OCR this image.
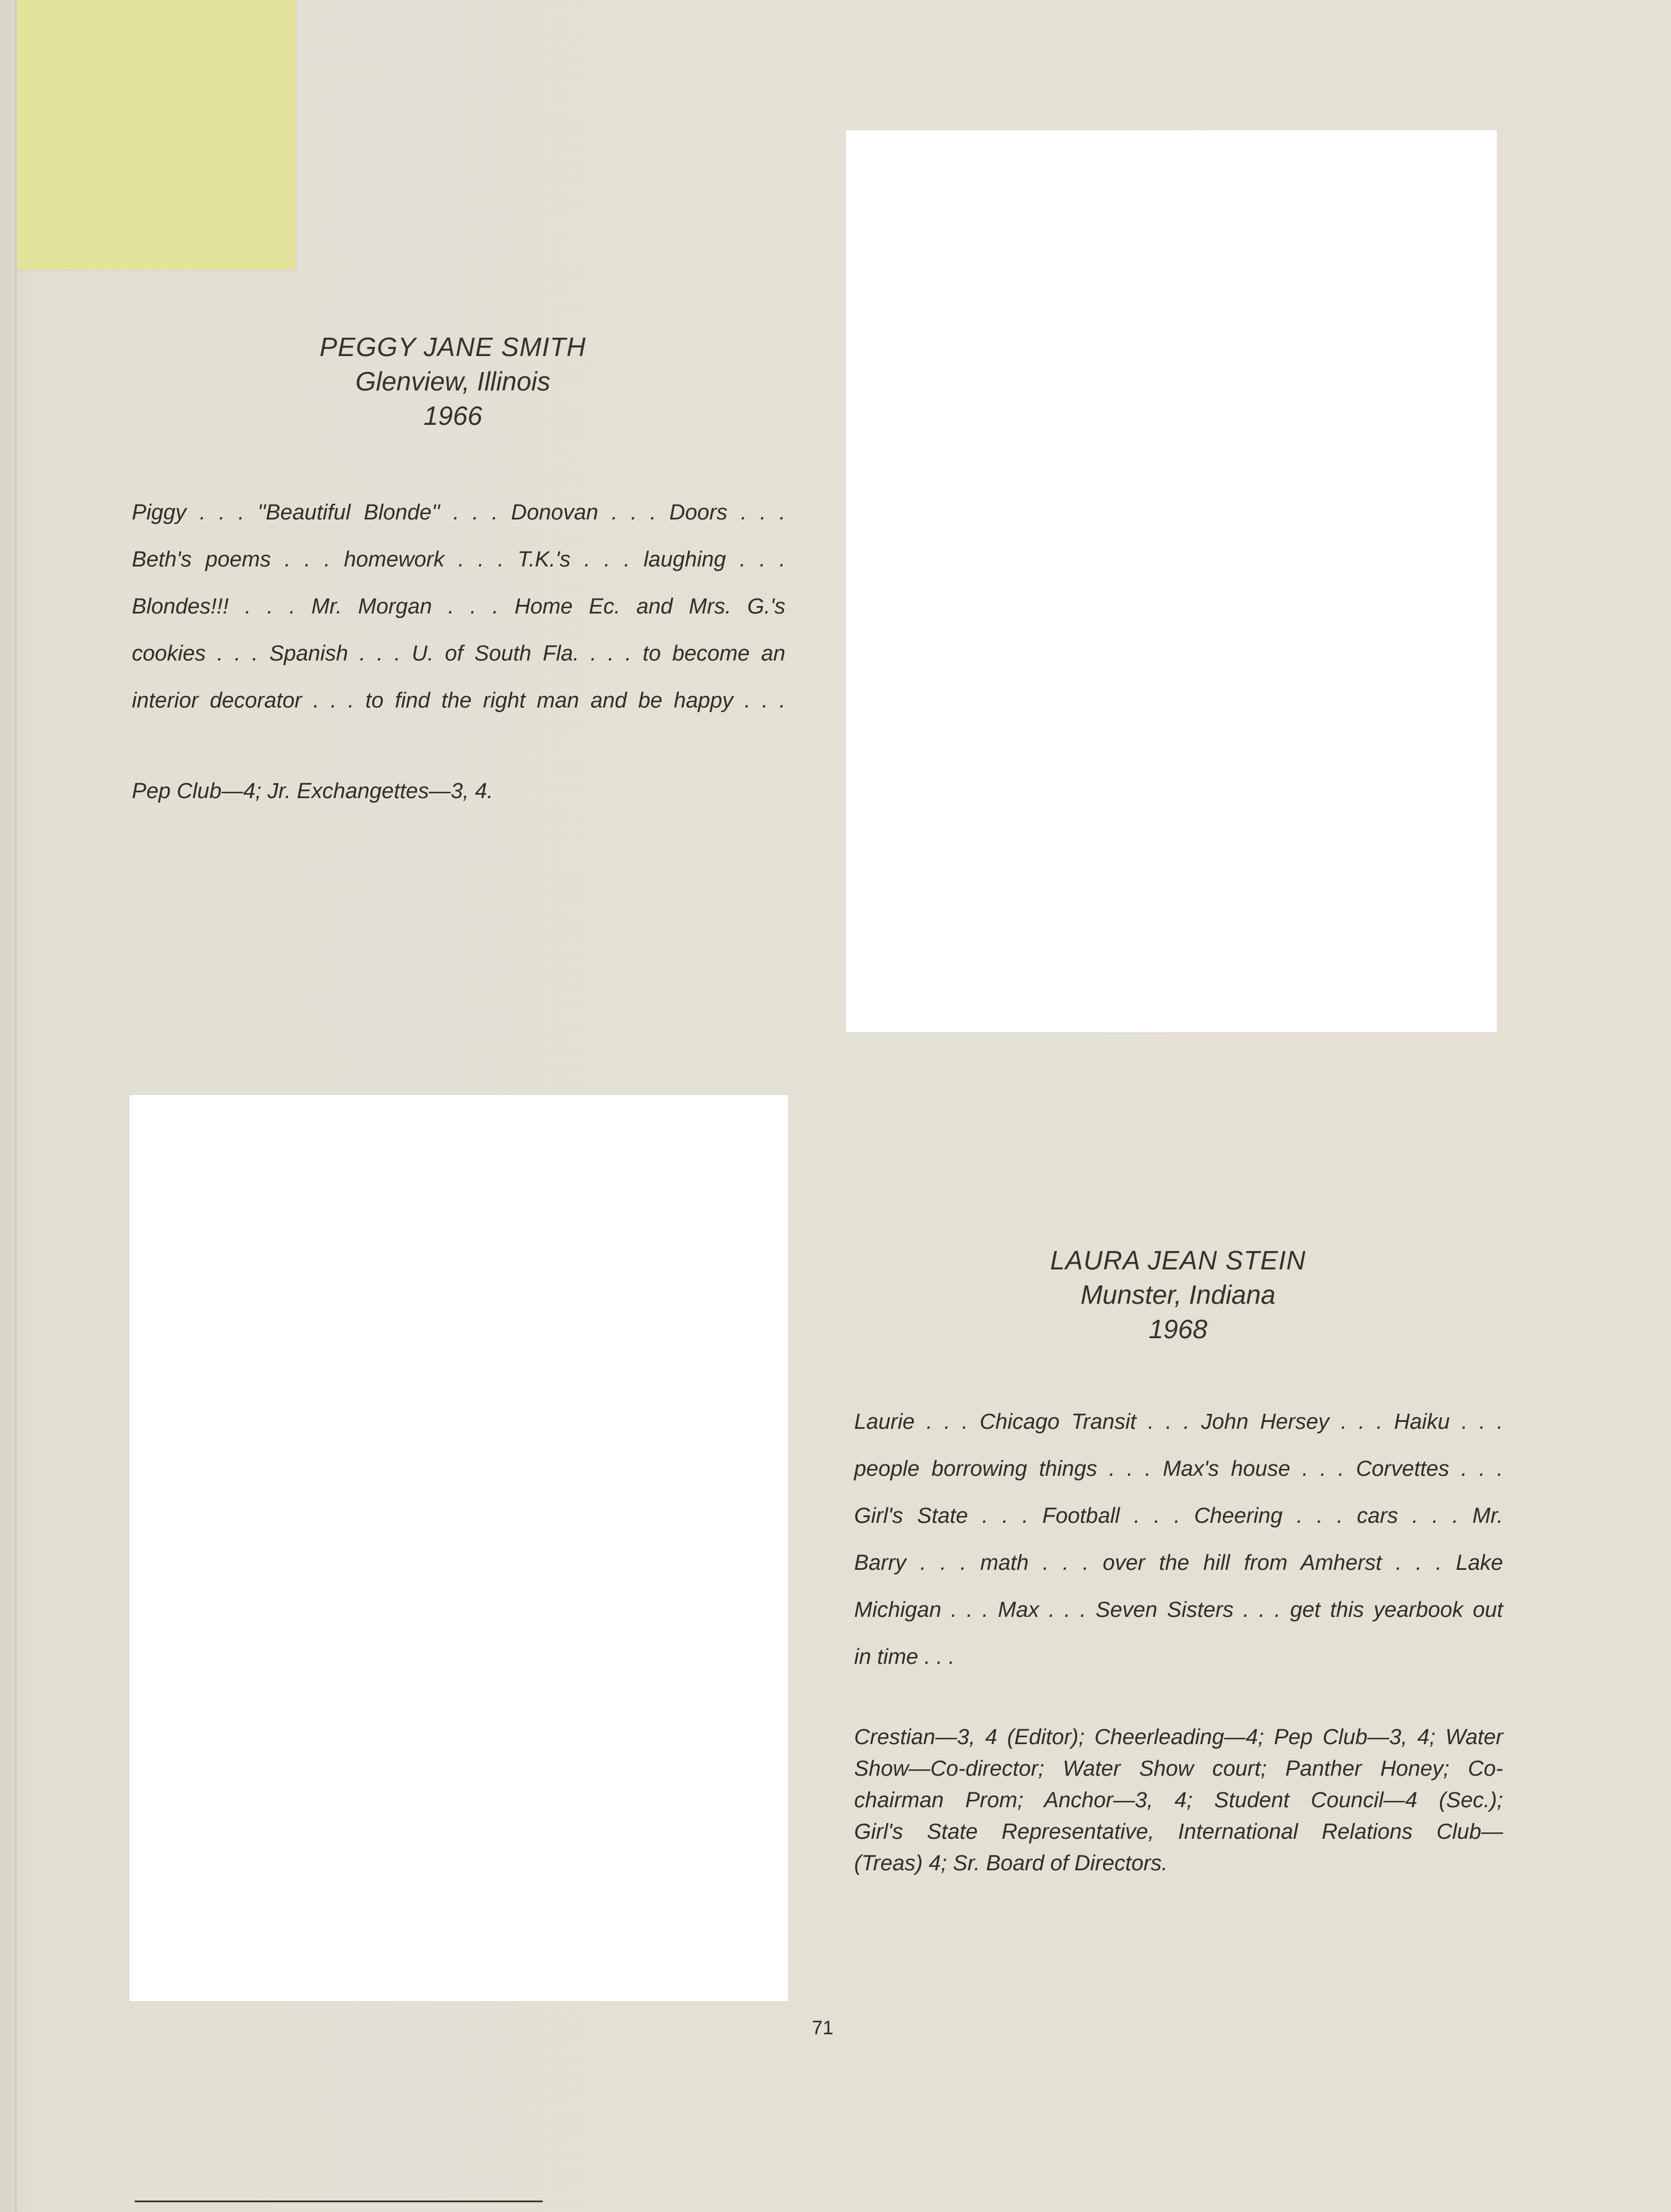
PEGGY JANE SMITH
Glenview, Illinois
1966
Piggy . . . ''Beautiful Blonde'' . . . Donovan . . . Doors . . .
Beth's poems . . . homework . . . T.K.'s . . . laughing . . .
Blondes!!! . . . Mr. Morgan . . . Home Ec. and Mrs. G.'s
cookies . . . Spanish . . . U. of South Fla. . . . to become an
interior decorator . . . to find the right man and be happy . . .
Pep Club—4; Jr. Exchangettes—3, 4.
LAURA JEAN STEIN
Munster, Indiana
1968
Laurie . . . Chicago Transit . . . John Hersey . . . Haiku . . .
people borrowing things . . . Max's house . . . Corvettes . . .
Girl's State . . . Football . . . Cheering . . . cars . . . Mr.
Barry . . . math . . . over the hill from Amherst . . . Lake
Michigan . . . Max . . . Seven Sisters . . . get this yearbook out
in time . . .
Crestian—3, 4 (Editor); Cheerleading—4; Pep Club—3, 4; Water
Show—Co-director; Water Show court; Panther Honey; Co-
chairman Prom; Anchor—3, 4; Student Council—4 (Sec.);
Girl's State Representative, International Relations Club—
(Treas) 4; Sr. Board of Directors.
71
